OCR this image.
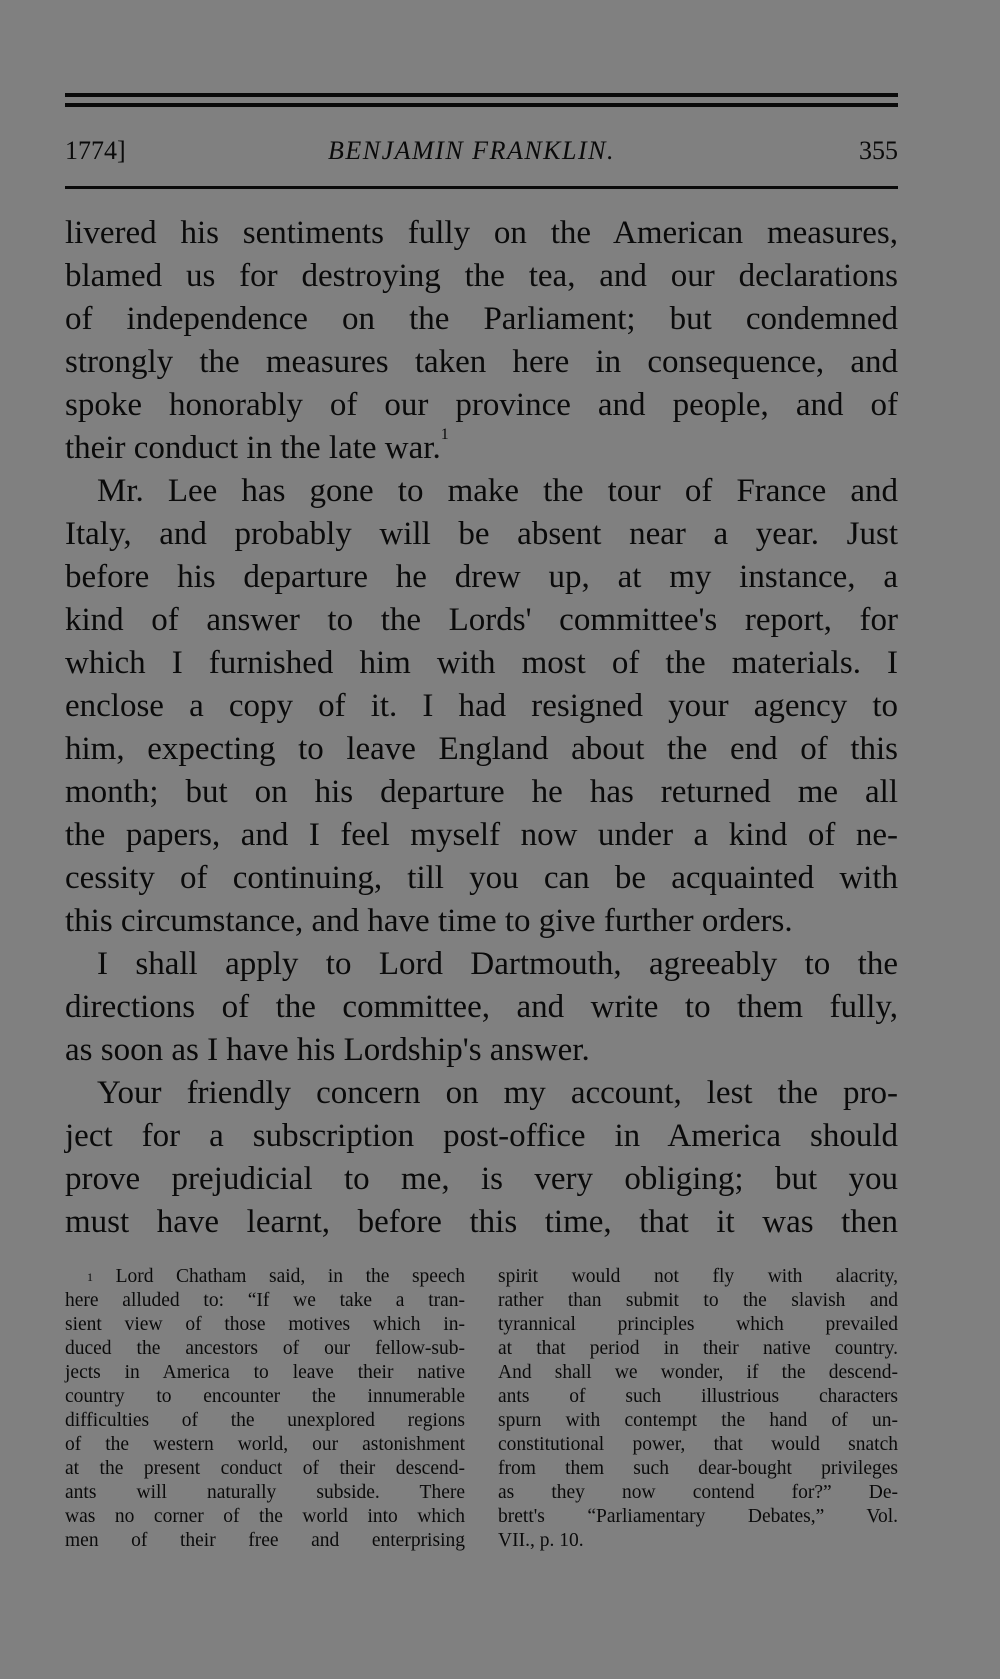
1774]	BENJAMIN FRANKLIN.	355
livered his sentiments fully on the American measures,
blamed us for destroying the tea, and our declarations
of independence on the Parliament; but condemned
strongly the measures taken here in consequence, and
spoke honorably of our province and people, and of
their conduct in the late war.$^1$
Mr. Lee has gone to make the tour of France and
Italy, and probably will be absent near a year. Just
before his departure he drew up, at my instance, a
kind of answer to the Lords' committee's report, for
which I furnished him with most of the materials. I
enclose a copy of it. I had resigned your agency to
him, expecting to leave England about the end of this
month; but on his departure he has returned me all
the papers, and I feel myself now under a kind of ne-
cessity of continuing, till you can be acquainted with
this circumstance, and have time to give further orders.
I shall apply to Lord Dartmouth, agreeably to the
directions of the committee, and write to them fully,
as soon as I have his Lordship's answer.
Your friendly concern on my account, lest the pro-
ject for a subscription post-office in America should
prove prejudicial to me, is very obliging; but you
must have learnt, before this time, that it was then
$^1$ Lord Chatham said, in the speech
here alluded to: “If we take a tran-
sient view of those motives which in-
duced the ancestors of our fellow-sub-
jects in America to leave their native
country to encounter the innumerable
difficulties of the unexplored regions
of the western world, our astonishment
at the present conduct of their descend-
ants will naturally subside. There
was no corner of the world into which
men of their free and enterprising
spirit would not fly with alacrity,
rather than submit to the slavish and
tyrannical principles which prevailed
at that period in their native country.
And shall we wonder, if the descend-
ants of such illustrious characters
spurn with contempt the hand of un-
constitutional power, that would snatch
from them such dear-bought privileges
as they now contend for?” De-
brett's “Parliamentary Debates,” Vol.
VII., p. 10.
